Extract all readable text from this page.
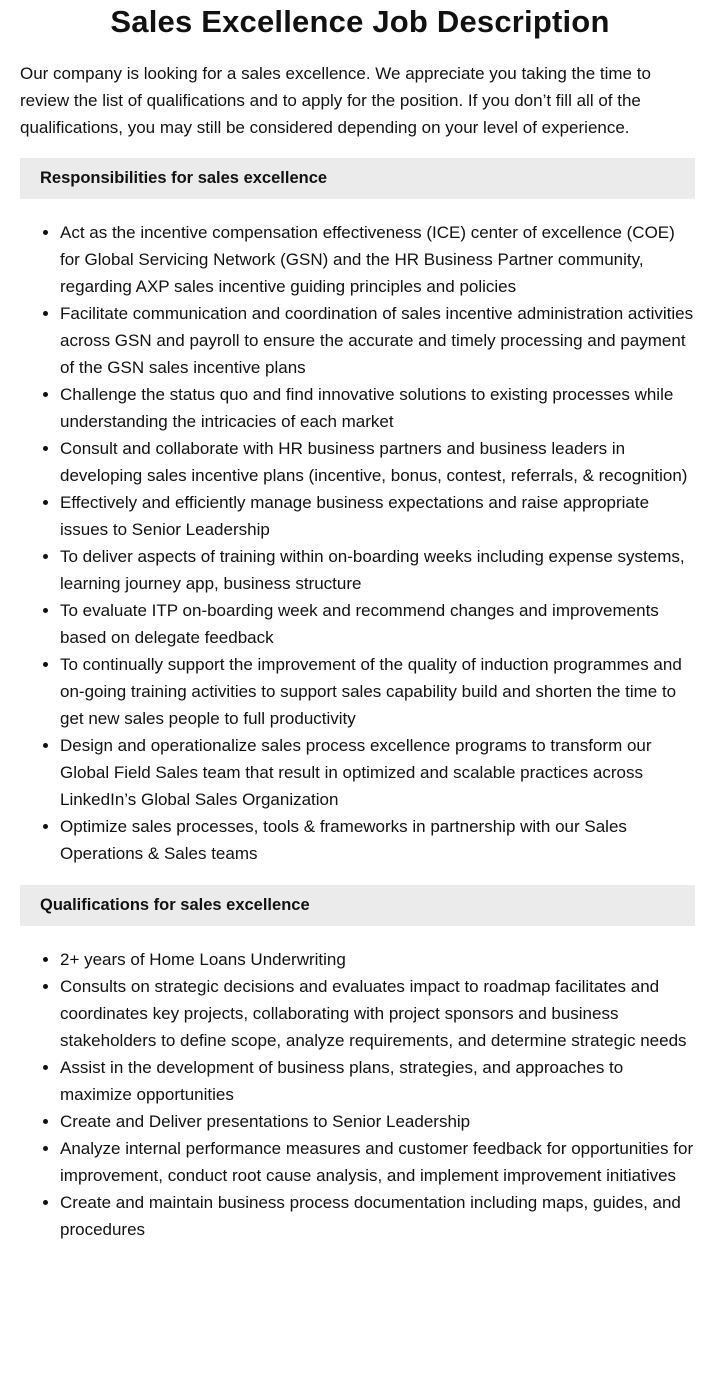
Sales Excellence Job Description

Our company is looking for a sales excellence. We appreciate you taking the time to review the list of qualifications and to apply for the position. If you don’t fill all of the qualifications, you may still be considered depending on your level of experience.

Responsibilities for sales excellence
• Act as the incentive compensation effectiveness (ICE) center of excellence (COE) for Global Servicing Network (GSN) and the HR Business Partner community, regarding AXP sales incentive guiding principles and policies
• Facilitate communication and coordination of sales incentive administration activities across GSN and payroll to ensure the accurate and timely processing and payment of the GSN sales incentive plans
• Challenge the status quo and find innovative solutions to existing processes while understanding the intricacies of each market
• Consult and collaborate with HR business partners and business leaders in developing sales incentive plans (incentive, bonus, contest, referrals, & recognition)
• Effectively and efficiently manage business expectations and raise appropriate issues to Senior Leadership
• To deliver aspects of training within on-boarding weeks including expense systems, learning journey app, business structure
• To evaluate ITP on-boarding week and recommend changes and improvements based on delegate feedback
• To continually support the improvement of the quality of induction programmes and on-going training activities to support sales capability build and shorten the time to get new sales people to full productivity
• Design and operationalize sales process excellence programs to transform our Global Field Sales team that result in optimized and scalable practices across LinkedIn’s Global Sales Organization
• Optimize sales processes, tools & frameworks in partnership with our Sales Operations & Sales teams
Qualifications for sales excellence
• 2+ years of Home Loans Underwriting
• Consults on strategic decisions and evaluates impact to roadmap facilitates and coordinates key projects, collaborating with project sponsors and business stakeholders to define scope, analyze requirements, and determine strategic needs
• Assist in the development of business plans, strategies, and approaches to maximize opportunities
• Create and Deliver presentations to Senior Leadership
• Analyze internal performance measures and customer feedback for opportunities for improvement, conduct root cause analysis, and implement improvement initiatives
• Create and maintain business process documentation including maps, guides, and procedures
